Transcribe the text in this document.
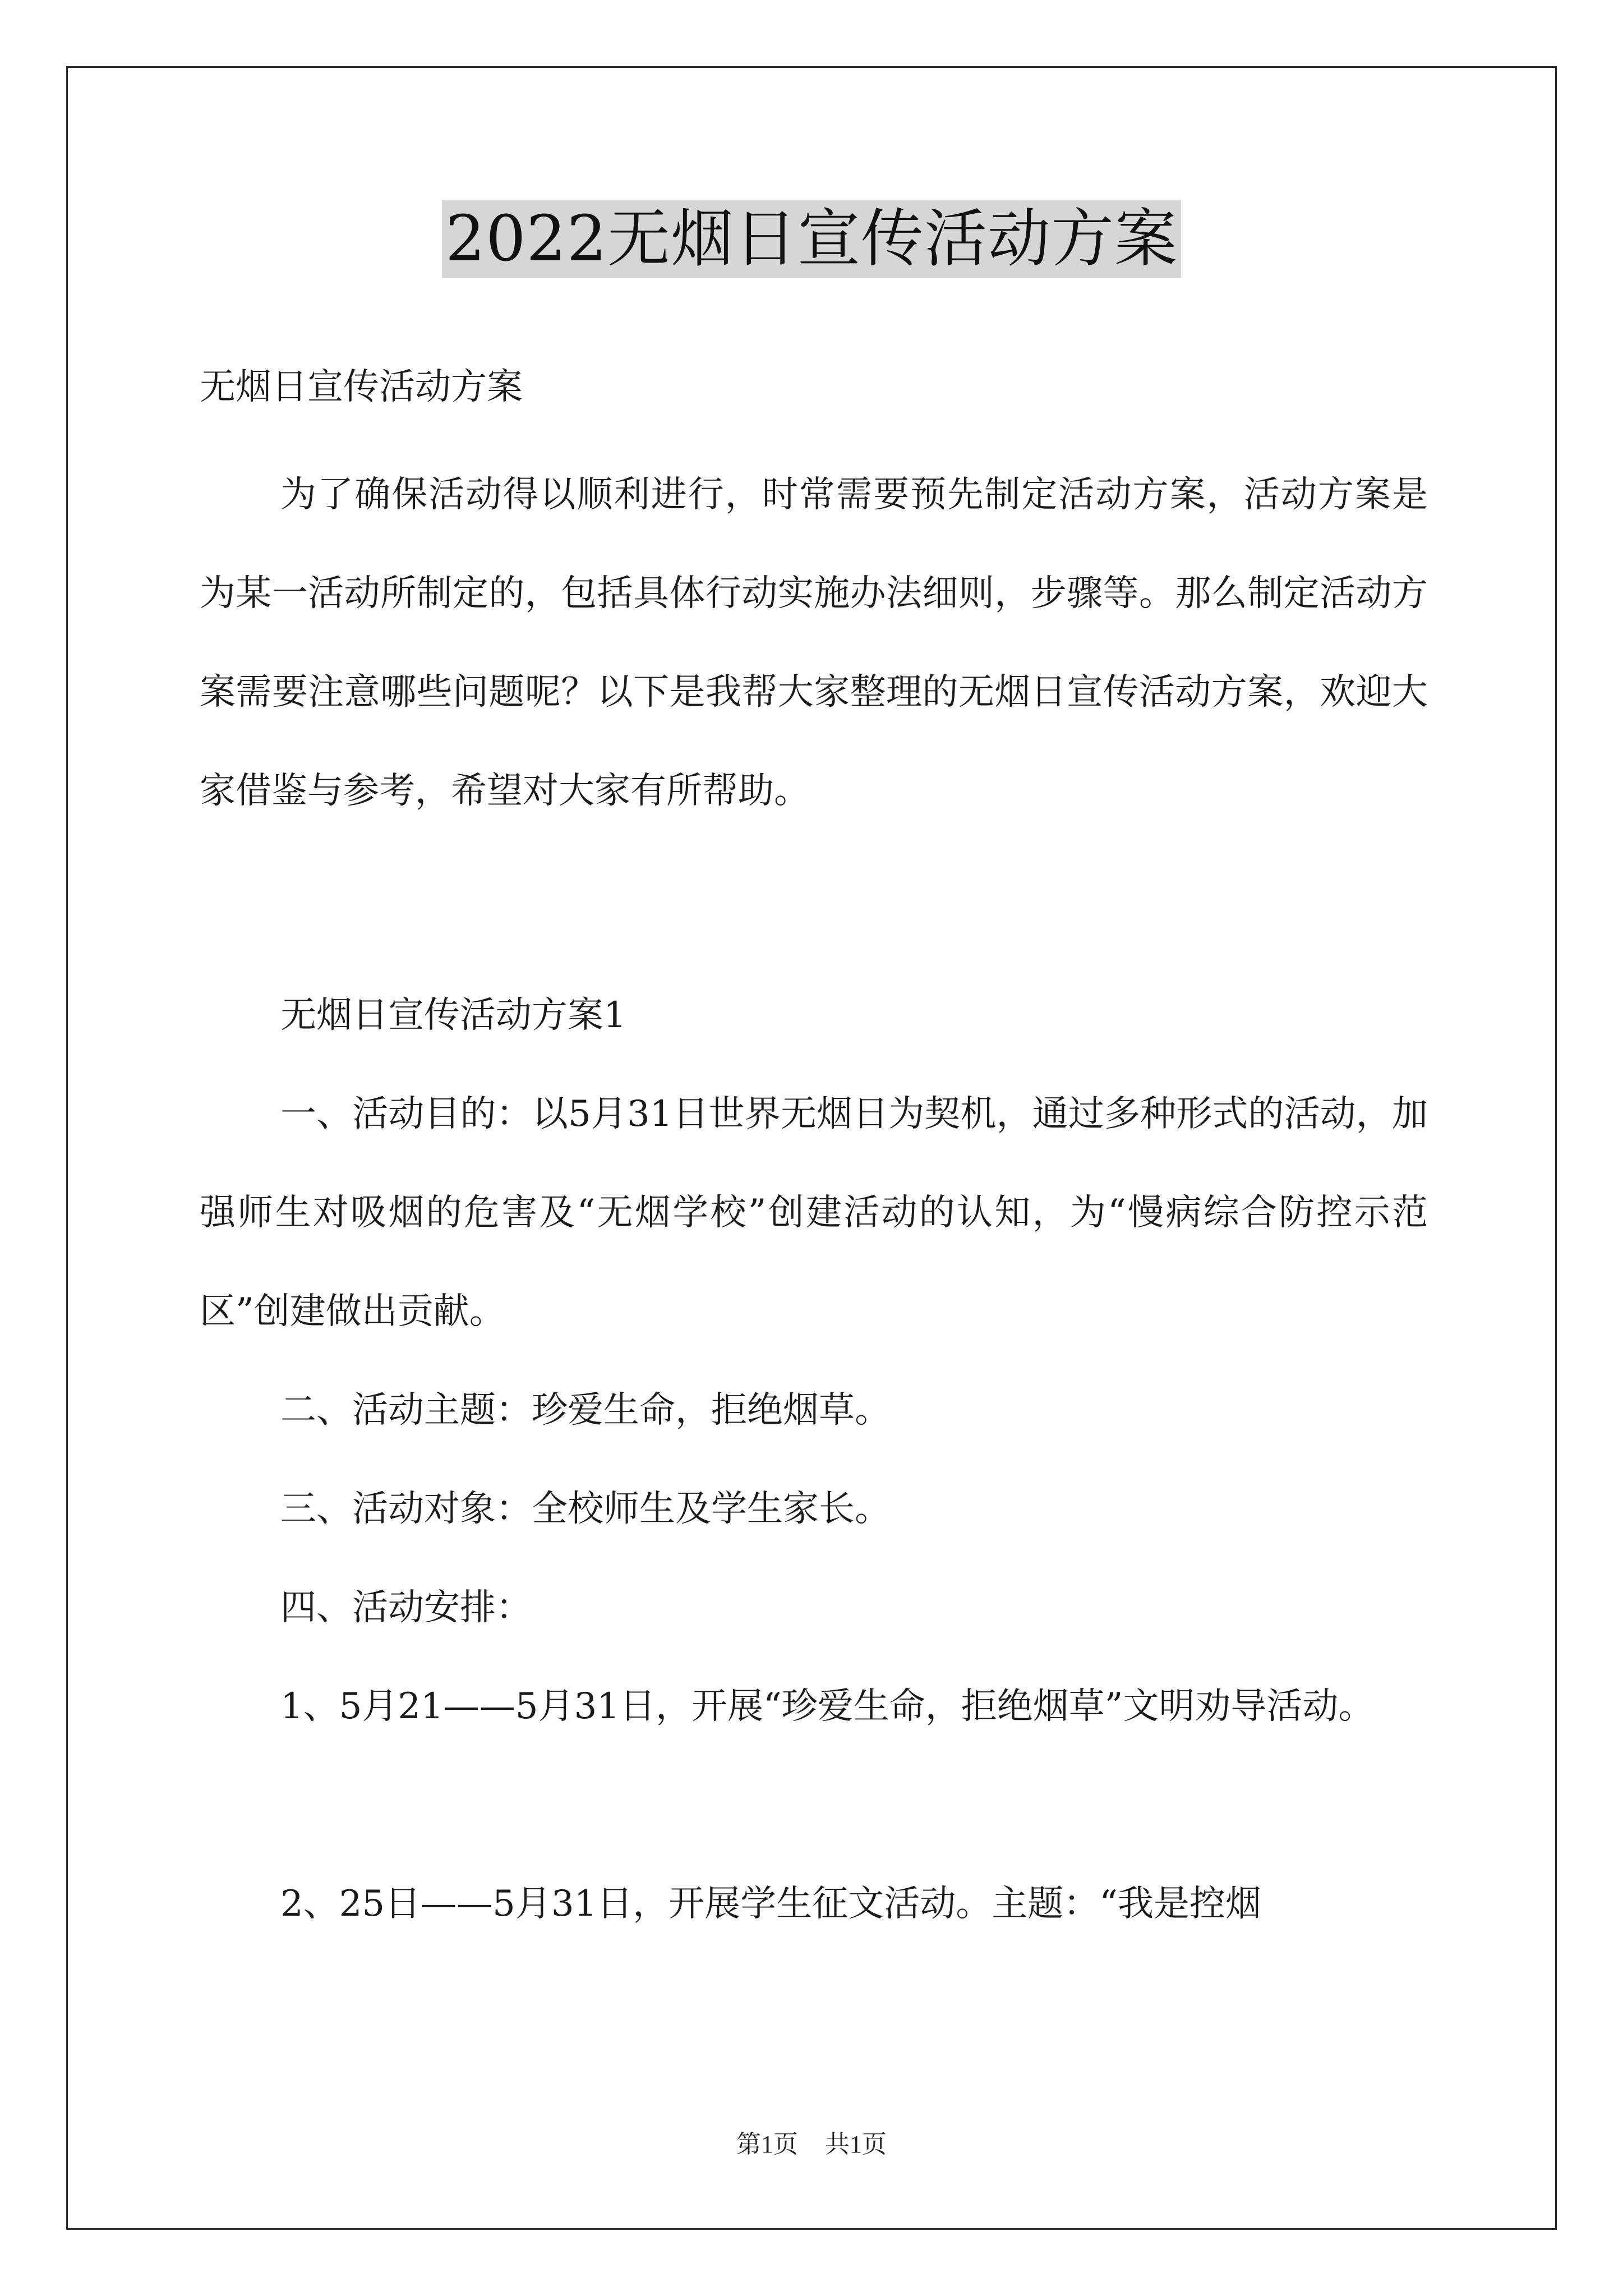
2022无烟日宣传活动方案
无烟日宣传活动方案
为了确保活动得以顺利进行，时常需要预先制定活动方案，活动方案是为某一活动所制定的，包括具体行动实施办法细则，步骤等。那么制定活动方案需要注意哪些问题呢？以下是我帮大家整理的无烟日宣传活动方案，欢迎大家借鉴与参考，希望对大家有所帮助。
无烟日宣传活动方案1
一、活动目的：以5月31日世界无烟日为契机，通过多种形式的活动，加强师生对吸烟的危害及“无烟学校”创建活动的认知，为“慢病综合防控示范区”创建做出贡献。
二、活动主题：珍爱生命，拒绝烟草。
三、活动对象：全校师生及学生家长。
四、活动安排：
1、5月21——5月31日，开展“珍爱生命，拒绝烟草”文明劝导活动。
2、25日——5月31日，开展学生征文活动。主题：“我是控烟
第1页 共1页
